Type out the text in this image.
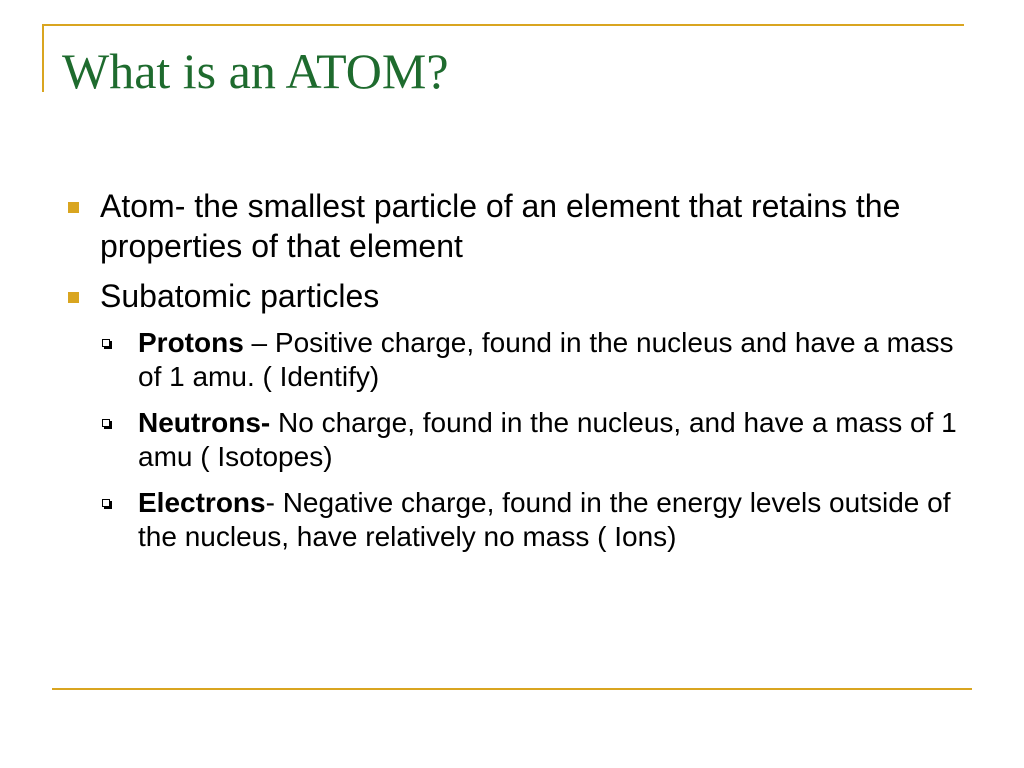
What is an ATOM?
Atom- the smallest particle of an element that retains the properties of that element
Subatomic particles
Protons – Positive charge, found in the nucleus and have a mass of 1 amu. ( Identify)
Neutrons- No charge, found in the nucleus, and have a mass of 1 amu ( Isotopes)
Electrons- Negative charge, found in the energy levels outside of the nucleus, have relatively no mass ( Ions)
